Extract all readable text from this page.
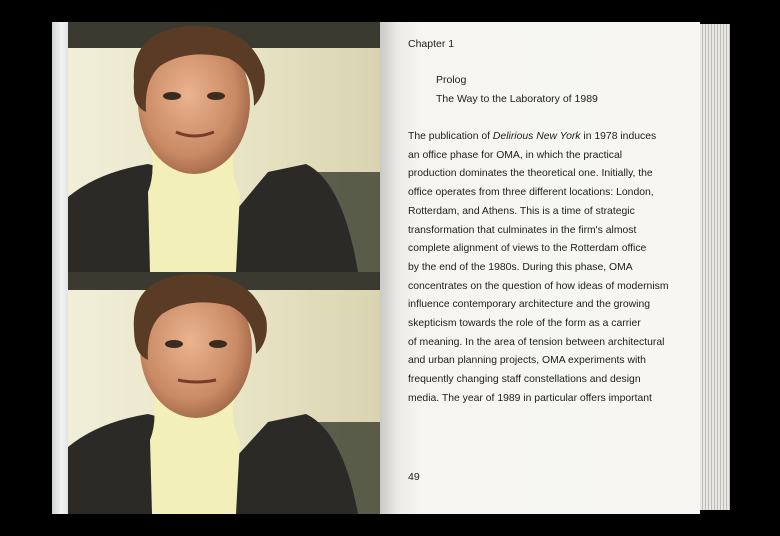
Chapter 1
Prolog
The Way to the Laboratory of 1989
The publication of Delirious New York in 1978 induces
an office phase for OMA, in which the practical
production dominates the theoretical one. Initially, the
office operates from three different locations: London,
Rotterdam, and Athens. This is a time of strategic
transformation that culminates in the firm's almost
complete alignment of views to the Rotterdam office
by the end of the 1980s. During this phase, OMA
concentrates on the question of how ideas of modernism
influence contemporary architecture and the growing
skepticism towards the role of the form as a carrier
of meaning. In the area of tension between architectural
and urban planning projects, OMA experiments with
frequently changing staff constellations and design
media. The year of 1989 in particular offers important
49
